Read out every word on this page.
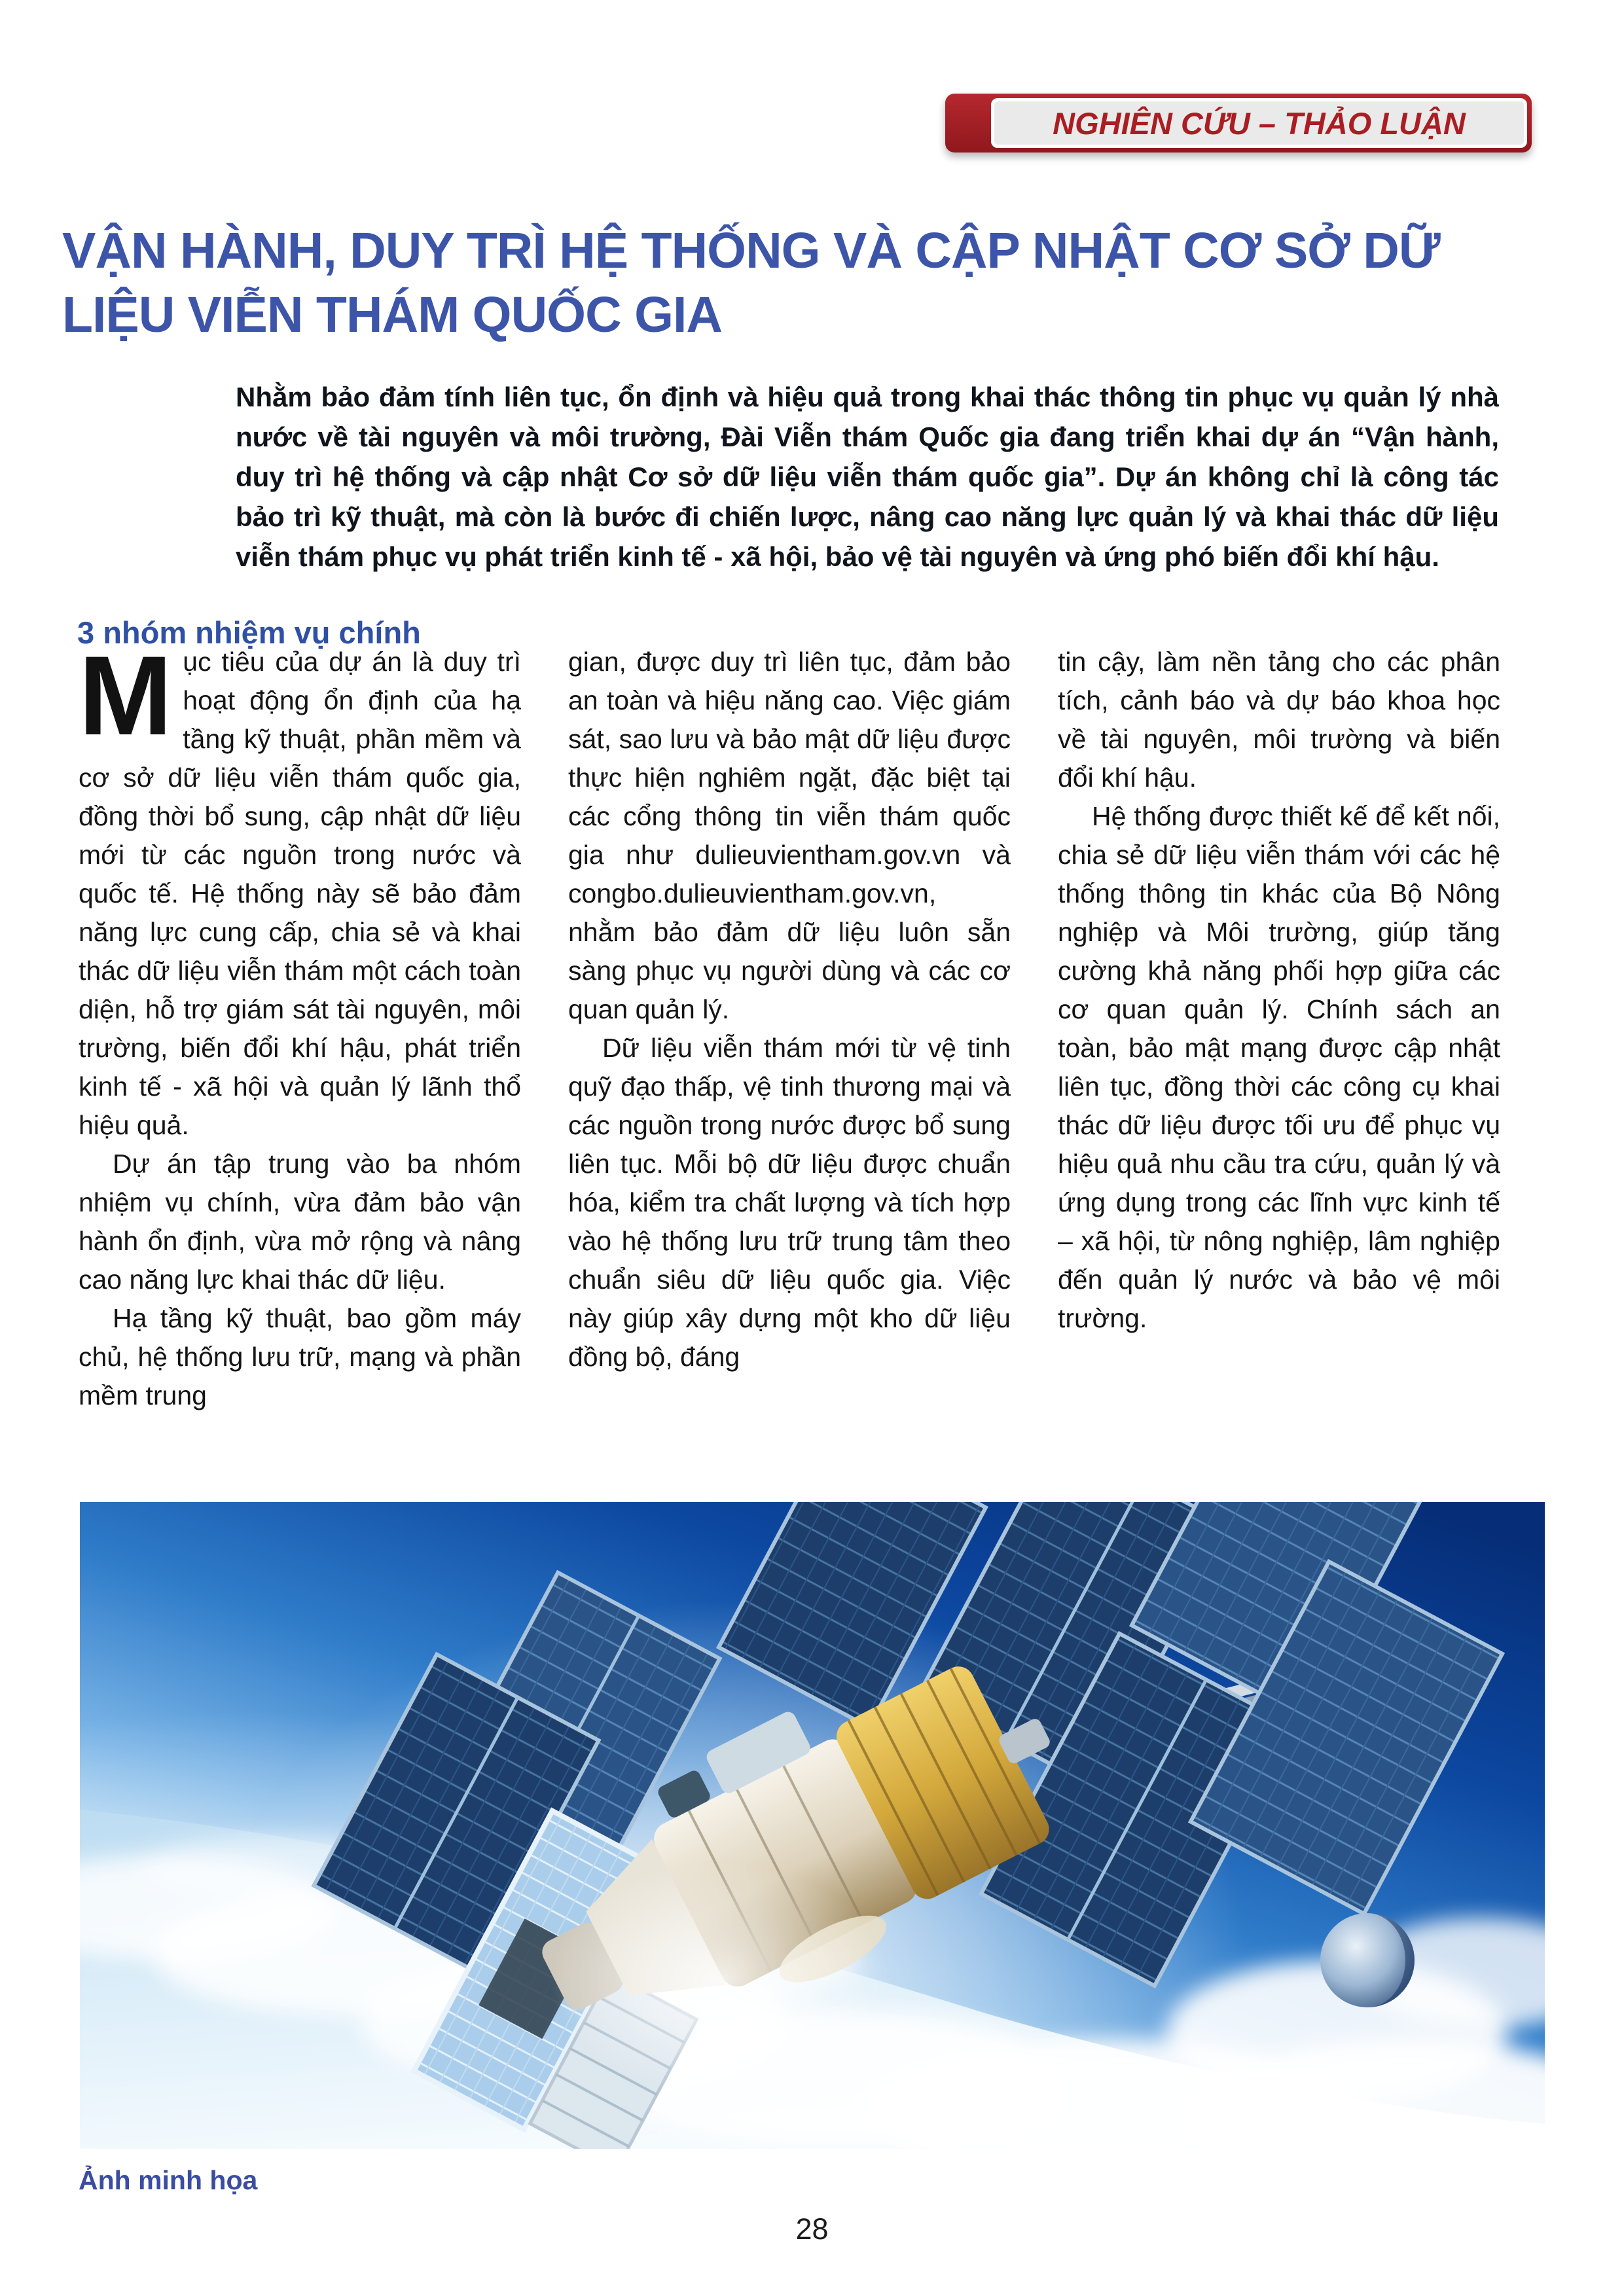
NGHIÊN CỨU – THẢO LUẬN
VẬN HÀNH, DUY TRÌ HỆ THỐNG VÀ CẬP NHẬT CƠ SỞ DỮ LIỆU VIỄN THÁM QUỐC GIA

Nhằm bảo đảm tính liên tục, ổn định và hiệu quả trong khai thác thông tin phục vụ quản lý nhà nước về tài nguyên và môi trường, Đài Viễn thám Quốc gia đang triển khai dự án “Vận hành, duy trì hệ thống và cập nhật Cơ sở dữ liệu viễn thám quốc gia”. Dự án không chỉ là công tác bảo trì kỹ thuật, mà còn là bước đi chiến lược, nâng cao năng lực quản lý và khai thác dữ liệu viễn thám phục vụ phát triển kinh tế - xã hội, bảo vệ tài nguyên và ứng phó biến đổi khí hậu.

3 nhóm nhiệm vụ chính

Mục tiêu của dự án là duy trì hoạt động ổn định của hạ tầng kỹ thuật, phần mềm và cơ sở dữ liệu viễn thám quốc gia, đồng thời bổ sung, cập nhật dữ liệu mới từ các nguồn trong nước và quốc tế. Hệ thống này sẽ bảo đảm năng lực cung cấp, chia sẻ và khai thác dữ liệu viễn thám một cách toàn diện, hỗ trợ giám sát tài nguyên, môi trường, biến đổi khí hậu, phát triển kinh tế - xã hội và quản lý lãnh thổ hiệu quả.

Dự án tập trung vào ba nhóm nhiệm vụ chính, vừa đảm bảo vận hành ổn định, vừa mở rộng và nâng cao năng lực khai thác dữ liệu.

Hạ tầng kỹ thuật, bao gồm máy chủ, hệ thống lưu trữ, mạng và phần mềm trung

gian, được duy trì liên tục, đảm bảo an toàn và hiệu năng cao. Việc giám sát, sao lưu và bảo mật dữ liệu được thực hiện nghiêm ngặt, đặc biệt tại các cổng thông tin viễn thám quốc gia như dulieuvientham.gov.vn và congbo.dulieuvientham.gov.vn, nhằm bảo đảm dữ liệu luôn sẵn sàng phục vụ người dùng và các cơ quan quản lý.

Dữ liệu viễn thám mới từ vệ tinh quỹ đạo thấp, vệ tinh thương mại và các nguồn trong nước được bổ sung liên tục. Mỗi bộ dữ liệu được chuẩn hóa, kiểm tra chất lượng và tích hợp vào hệ thống lưu trữ trung tâm theo chuẩn siêu dữ liệu quốc gia. Việc này giúp xây dựng một kho dữ liệu đồng bộ, đáng

tin cậy, làm nền tảng cho các phân tích, cảnh báo và dự báo khoa học về tài nguyên, môi trường và biến đổi khí hậu.

Hệ thống được thiết kế để kết nối, chia sẻ dữ liệu viễn thám với các hệ thống thông tin khác của Bộ Nông nghiệp và Môi trường, giúp tăng cường khả năng phối hợp giữa các cơ quan quản lý. Chính sách an toàn, bảo mật mạng được cập nhật liên tục, đồng thời các công cụ khai thác dữ liệu được tối ưu để phục vụ hiệu quả nhu cầu tra cứu, quản lý và ứng dụng trong các lĩnh vực kinh tế – xã hội, từ nông nghiệp, lâm nghiệp đến quản lý nước và bảo vệ môi trường.

Ảnh minh họa
28
